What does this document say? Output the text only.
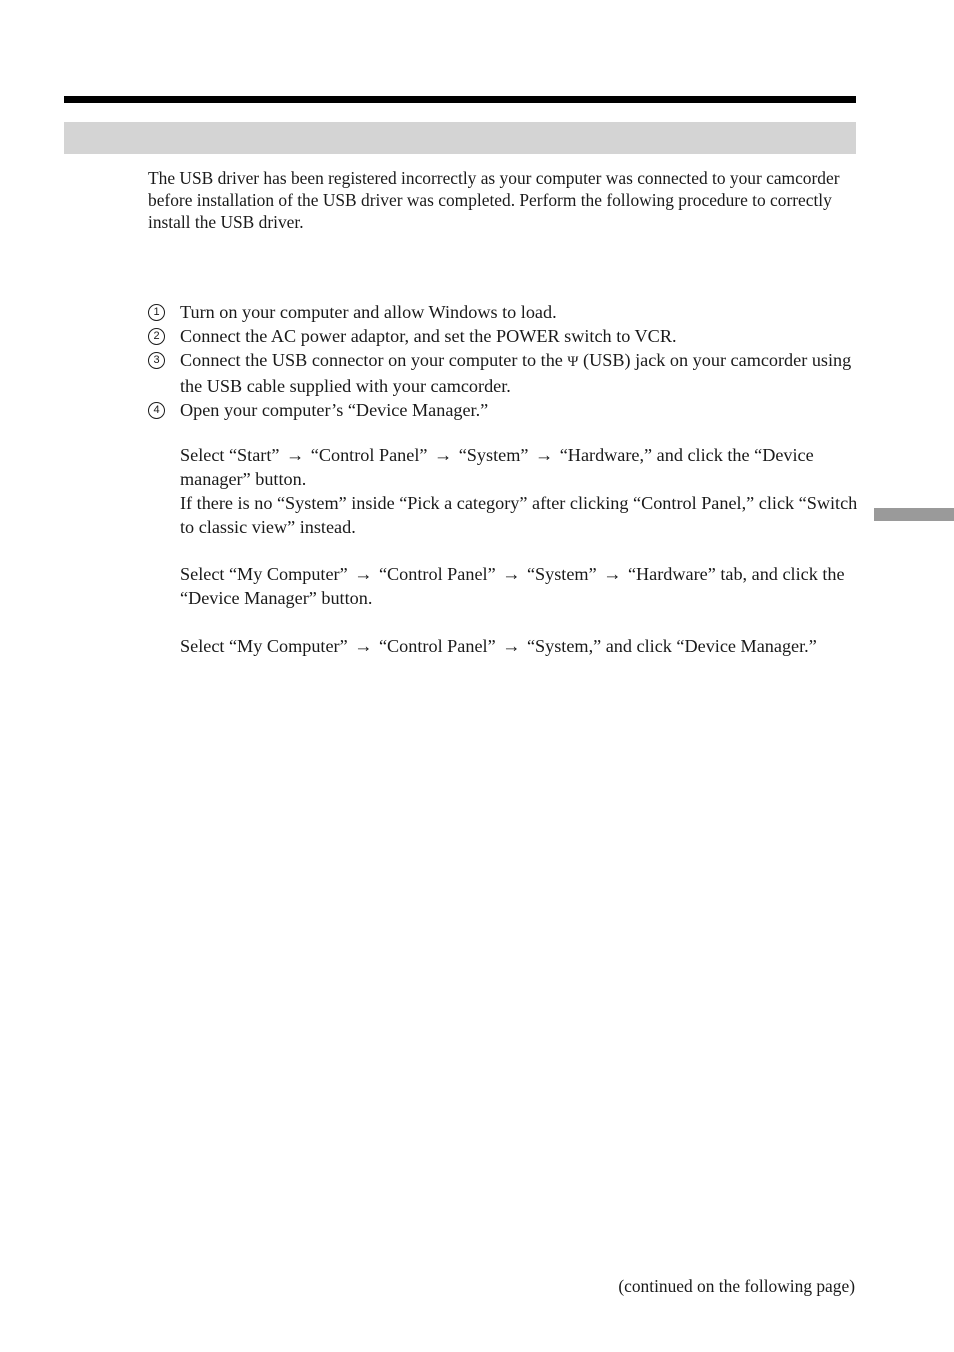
The USB driver has been registered incorrectly as your computer was connected to your camcorder before installation of the USB driver was completed. Perform the following procedure to correctly install the USB driver.

1 Turn on your computer and allow Windows to load.
2 Connect the AC power adaptor, and set the POWER switch to VCR.
3 Connect the USB connector on your computer to the Ψ (USB) jack on your camcorder using the USB cable supplied with your camcorder.
4 Open your computer’s “Device Manager.”
Select “Start” → “Control Panel” → “System” → “Hardware,” and click the “Device manager” button.
If there is no “System” inside “Pick a category” after clicking “Control Panel,” click “Switch to classic view” instead.
Select “My Computer” → “Control Panel” → “System” → “Hardware” tab, and click the “Device Manager” button.
Select “My Computer” → “Control Panel” → “System,” and click “Device Manager.”
(continued on the following page)
